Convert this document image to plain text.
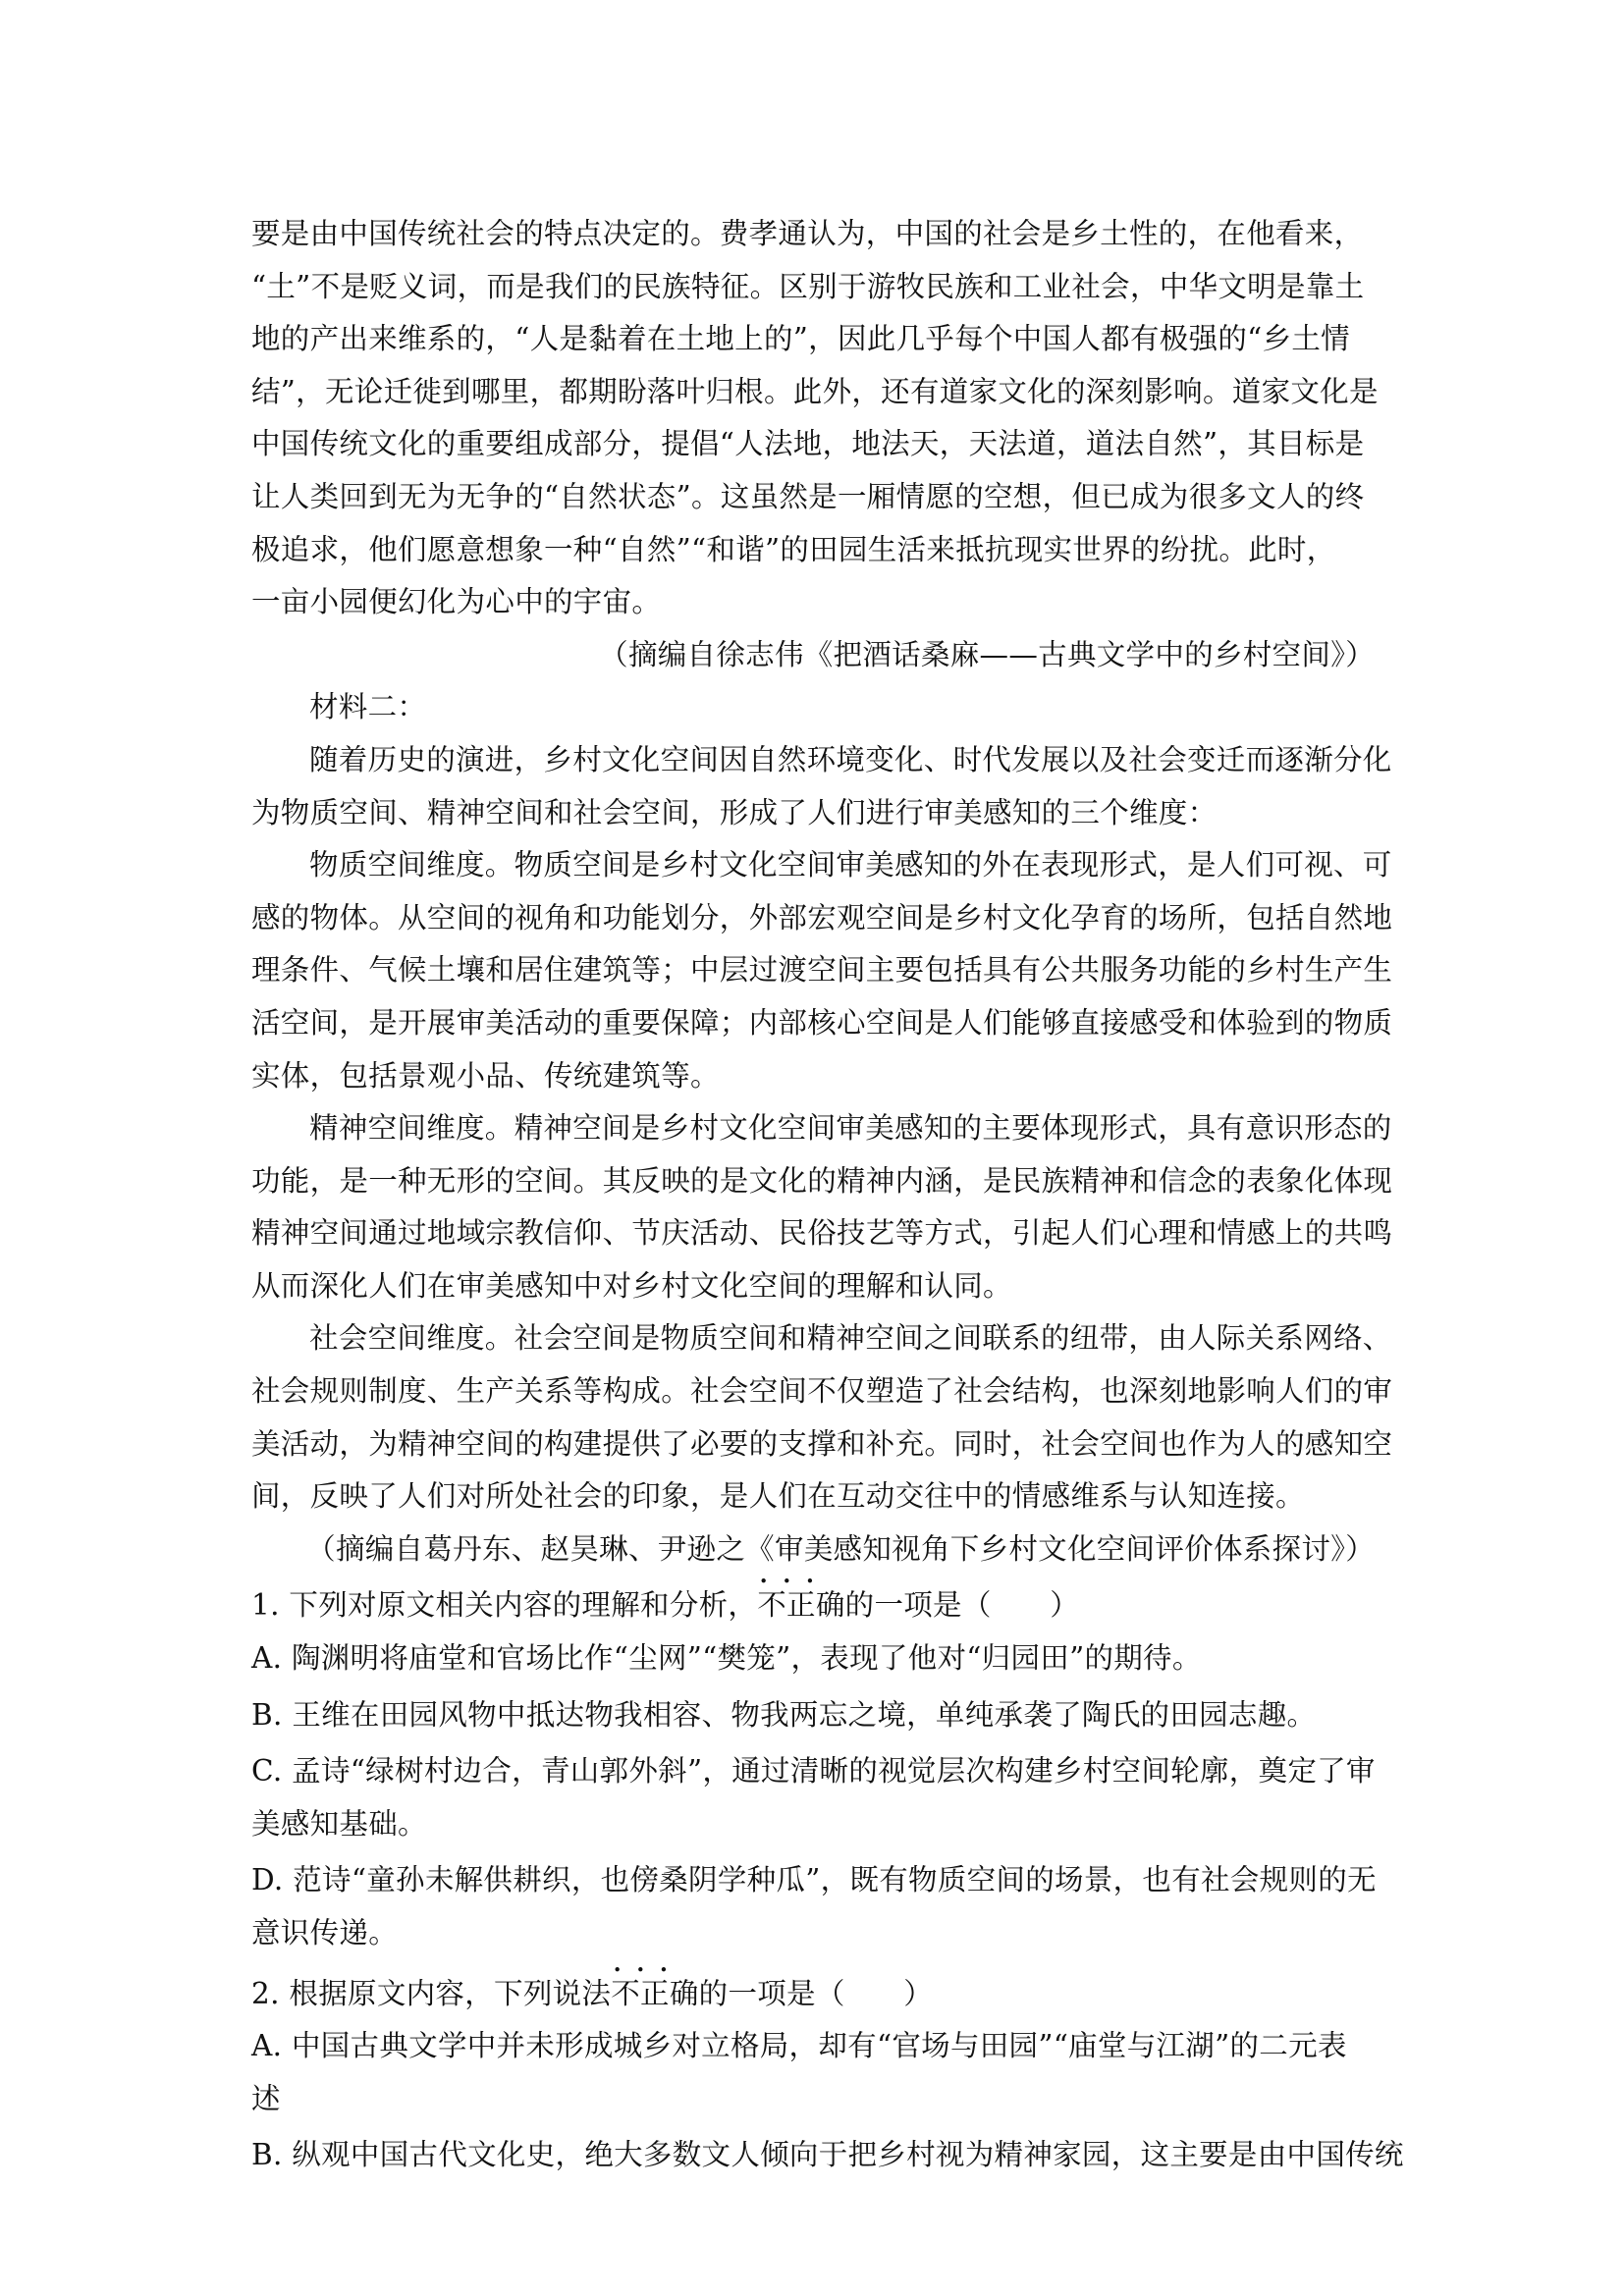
要是由中国传统社会的特点决定的。费孝通认为，中国的社会是乡土性的，在他看来，

“土”不是贬义词，而是我们的民族特征。区别于游牧民族和工业社会，中华文明是靠土

地的产出来维系的，“人是黏着在土地上的”，因此几乎每个中国人都有极强的“乡土情

结”，无论迁徙到哪里，都期盼落叶归根。此外，还有道家文化的深刻影响。道家文化是

中国传统文化的重要组成部分，提倡“人法地，地法天，天法道，道法自然”，其目标是

让人类回到无为无争的“自然状态”。这虽然是一厢情愿的空想，但已成为很多文人的终

极追求，他们愿意想象一种“自然”“和谐”的田园生活来抵抗现实世界的纷扰。此时，

一亩小园便幻化为心中的宇宙。

（摘编自徐志伟《把酒话桑麻——古典文学中的乡村空间》）

材料二：

随着历史的演进，乡村文化空间因自然环境变化、时代发展以及社会变迁而逐渐分化

为物质空间、精神空间和社会空间，形成了人们进行审美感知的三个维度：

物质空间维度。物质空间是乡村文化空间审美感知的外在表现形式，是人们可视、可

感的物体。从空间的视角和功能划分，外部宏观空间是乡村文化孕育的场所，包括自然地

理条件、气候土壤和居住建筑等；中层过渡空间主要包括具有公共服务功能的乡村生产生

活空间，是开展审美活动的重要保障；内部核心空间是人们能够直接感受和体验到的物质

实体，包括景观小品、传统建筑等。

精神空间维度。精神空间是乡村文化空间审美感知的主要体现形式，具有意识形态的

功能，是一种无形的空间。其反映的是文化的精神内涵，是民族精神和信念的表象化体现

精神空间通过地域宗教信仰、节庆活动、民俗技艺等方式，引起人们心理和情感上的共鸣

从而深化人们在审美感知中对乡村文化空间的理解和认同。

社会空间维度。社会空间是物质空间和精神空间之间联系的纽带，由人际关系网络、

社会规则制度、生产关系等构成。社会空间不仅塑造了社会结构，也深刻地影响人们的审

美活动，为精神空间的构建提供了必要的支撑和补充。同时，社会空间也作为人的感知空

间，反映了人们对所处社会的印象，是人们在互动交往中的情感维系与认知连接。

（摘编自葛丹东、赵昊琳、尹逊之《审美感知视角下乡村文化空间评价体系探讨》）

1. 下列对原文相关内容的理解和分析，• • • 不正确的一项是（　　）

A. 陶渊明将庙堂和官场比作“尘网”“樊笼”，表现了他对“归园田”的期待。

B. 王维在田园风物中抵达物我相容、物我两忘之境，单纯承袭了陶氏的田园志趣。

C. 孟诗“绿树村边合，青山郭外斜”，通过清晰的视觉层次构建乡村空间轮廓，奠定了审

美感知基础。

D. 范诗“童孙未解供耕织，也傍桑阴学种瓜”，既有物质空间的场景，也有社会规则的无

意识传递。

2. 根据原文内容，下列说法• • • 不正确的一项是（　　）

A. 中国古典文学中并未形成城乡对立格局，却有“官场与田园”“庙堂与江湖”的二元表

述

B. 纵观中国古代文化史，绝大多数文人倾向于把乡村视为精神家园，这主要是由中国传统
